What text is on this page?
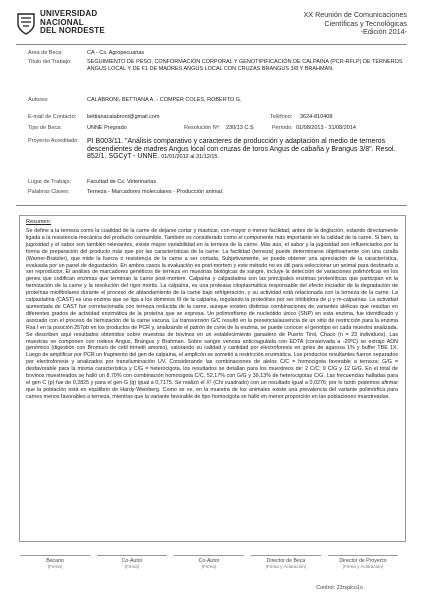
UNIVERSIDAD
NACIONAL
DEL NORDESTE
XX Reunión de Comunicaciones
Científicas y Tecnológicas
-Edición 2014-
Area de Beca:	CA - Cs. Agropecuarias
Titulo del Trabajo:	SEGUIMIENTO DE PESO, CONFORMACIÓN CORPORAL Y GENOTIPIFICACIÓN DE CALPAINA (PCR-RFLP) DE TERNEROS ANGUS LOCAL Y DE F1 DE MADRES ANGUS LOCAL CON CRUZAS BRANGUS 3/8 Y BRAHMAN.
Autores:	CALABRONI, BETTIANA A. - COMPER COLES, ROBERTO G.
E-mail de Contacto: bettianacalabroni@gmail.com	Teléfono: 3624-810408
Tipo de Beca:	UNNE Pregrado	Resolución Nº: 230/13 C.S	Período: 01/08/2013 - 31/08/2014
Proyecto Acreditado: PI B003/11. "Análisis comparativo y caracteres de producción y adaptación al medio de terneros descendientes de madres Angus local con cruzas de toros Angus de cabaña y Brangus 3/8". Resol. 852/1. SGCyT - UNNE. 01/01/2012 al 31/12/15.
Lugar de Trabajo:	Facultad de Cs. Veterinarias
Palabras Claves:	Terneza - Marcadores moleculares - Producción animal.
Resumen:
Se define a la terneza como la cualidad de la carne de dejarse cortar y masticar, con mayor o menor facilidad, antes de la deglución, estando directamente ligada a la resistencia mecánica del producto consumible. También es considerado como el componente más importante en la calidad de la carne. Si bien, la jugosidad y el sabor son también relevantes, existe mayor variabilidad en la terneza de la carne. Más aun, el sabor y la jugosidad son influenciados por la forma de preparación del producto más que por las características de la carne. La facilidad (terneza) puede determinarse objetivamente con una cizalla (Warner-Bratzler), que mide la fuerza o resistencia de la carne a ser cortada. Subjetivamente, se puede obtener una apreciación de la característica, evaluada por un panel de degustación. En ambos casos la evaluación es post-mortem y este método no es útil para seleccionar un animal para destinarlo a ser reproductor. El análisis de marcadores genéticos de terneza en muestras biológicas de sangre, incluye la detección de variaciones polimórficas en los genes que codifican enzimas que terminan la carne post-mortem. Calpaína y calpastatina son las principales enzimas proteolíticas que participan en la tiernización de la carne y la resolución del rigor mortis. La calpaína, es una proteasa citoplasmática responsable del efecto iniciador de la degradación de proteínas miofibrilares durante el proceso de ablandamiento de la carne bajo refrigeración, y su actividad está relacionada con la terneza de la carne. La calpastatina (CAST) es una enzima que se liga a los dominios III de la calpaína, regulando la proteólisis por ser inhibidora de μ y m-calpaínas. La actividad aumentada de CAST fue correlacionada con terneza reducida de la carne, aunque existen distintas combinaciones de variantes alélicas que resultan en diferentes grados de actividad enzimática de la proteína que se expresa. Un polimorfismo de nucleótido único (SNP) en esta enzima, fue identificado y asociado con el proceso de tiernización de la carne vacuna. La transversión G/C resultó en la presencia/ausencia de un sitio de restricción para la enzima Rsa I en la posición 257pb en los productos de PCR y, analizando el patrón de corte de la enzima, se puede conocer el genotipo en cada muestra analizada. Se describen aquí resultados obtenidos sobre muestras de bovinos en un establecimiento ganadero de Puerto Tirol, Chaco (n = 23 individuos). Las muestras se componen con rodeos Angus, Brangus y Brahman. Sobre sangre venosa anticoagulada con EDTA (conservada a -20ºC) se extrajo ADN genómico (digestión con Bromuro de cetil trimetil amonio), valorando su calidad y cantidad por electroforesis en geles de agarosa 1% y buffer TBE 1X. Luego de amplificar por PCR un fragmento del gen de calpaína, el amplicón se sometió a restricción enzimática. Los productos resultantes fueron separados por electroforesis y analizados por transiluminación UV. Considerando las combinaciones de alelos C/C = homocigota favorable a terneza; G/G = desfavorable para la misma característica y C/G = heterocigota, los resultados se detallan para los muestreos de: 2 C/C; 9 C/G y 12 G/G. En el total de bovinos muestreados se halló un 8,70% con combinación homocigota C/C, 52,17% con G/G y 39,13% de heterocigotas C/G. Las frecuencias halladas para el gen C (p) fue de 0,2825 y para el gen G (q) igual a 0,7175. Se realizó el X² (Chi cuadrado) con un resultado igual a 0,0276; por lo tanto podemos afirmar que la población está en equilibrio de Hardy-Weinberg. Como se ve, en la muestra de los animales existe una prevalencia del variante polimórfica para carnes menos favorables a terneza, mientras que la variante favorable de tipo homocigota se halló en menor proporción en las poblaciones muestreadas.
Becario
(Firma)
Co-Autor
(Firma)
Co-Autor
(Firma)
Director de Beca
(Firma y Aclaración)
Director de Proyecto
(Firma y Aclaración)
Control: 23rsplco1o
